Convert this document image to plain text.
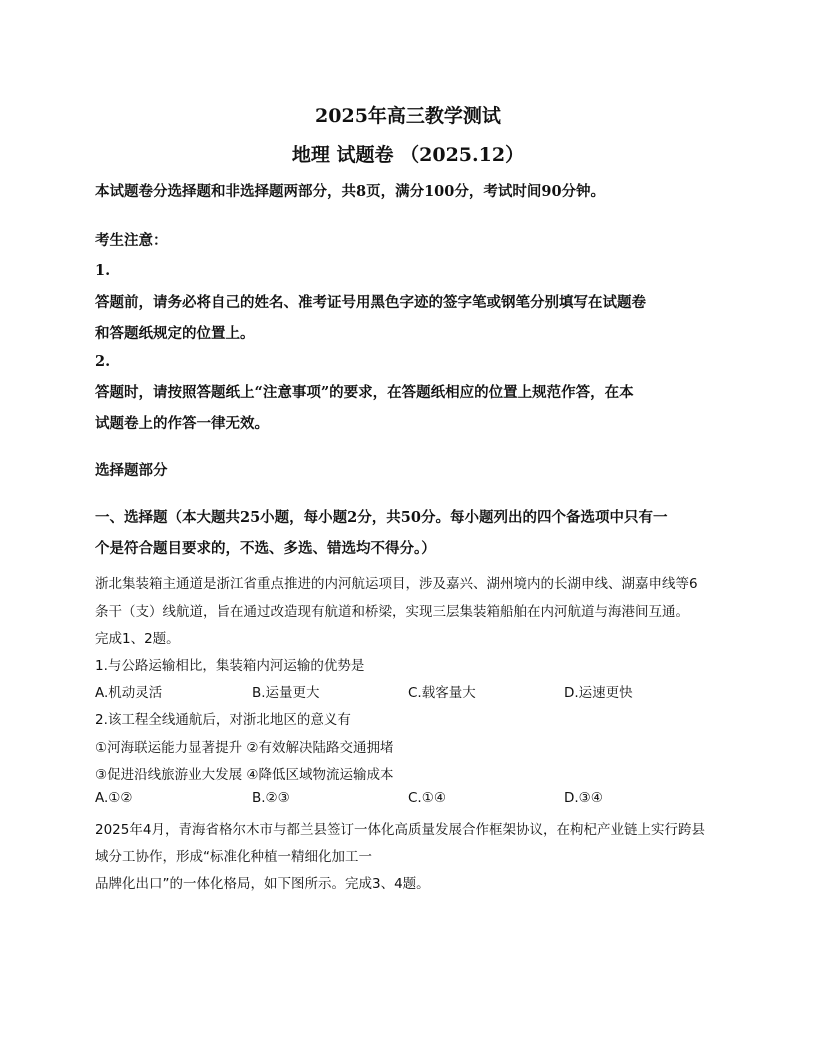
2025年高三教学测试
地理 试题卷 （2025.12）
本试题卷分选择题和非选择题两部分，共8页，满分100分，考试时间90分钟。
考生注意：
1.
答题前，请务必将自己的姓名、准考证号用黑色字迹的签字笔或钢笔分别填写在试题卷
和答题纸规定的位置上。
2.
答题时，请按照答题纸上“注意事项”的要求，在答题纸相应的位置上规范作答，在本
试题卷上的作答一律无效。
选择题部分
一、选择题（本大题共25小题，每小题2分，共50分。每小题列出的四个备选项中只有一
个是符合题目要求的，不选、多选、错选均不得分。）
浙北集装箱主通道是浙江省重点推进的内河航运项目，涉及嘉兴、湖州境内的长湖申线、湖嘉申线等6
条干（支）线航道，旨在通过改造现有航道和桥梁，实现三层集装箱船舶在内河航道与海港间互通。
完成1、2题。
1.与公路运输相比，集装箱内河运输的优势是
A.机动灵活	B.运量更大	C.载客量大	D.运速更快
2.该工程全线通航后，对浙北地区的意义有
①河海联运能力显著提升 ②有效解决陆路交通拥堵
③促进沿线旅游业大发展 ④降低区域物流运输成本
A.①②	B.②③	C.①④	D.③④
2025年4月，青海省格尔木市与都兰县签订一体化高质量发展合作框架协议，在枸杞产业链上实行跨县
域分工协作，形成“标准化种植一精细化加工一
品牌化出口”的一体化格局，如下图所示。完成3、4题。
